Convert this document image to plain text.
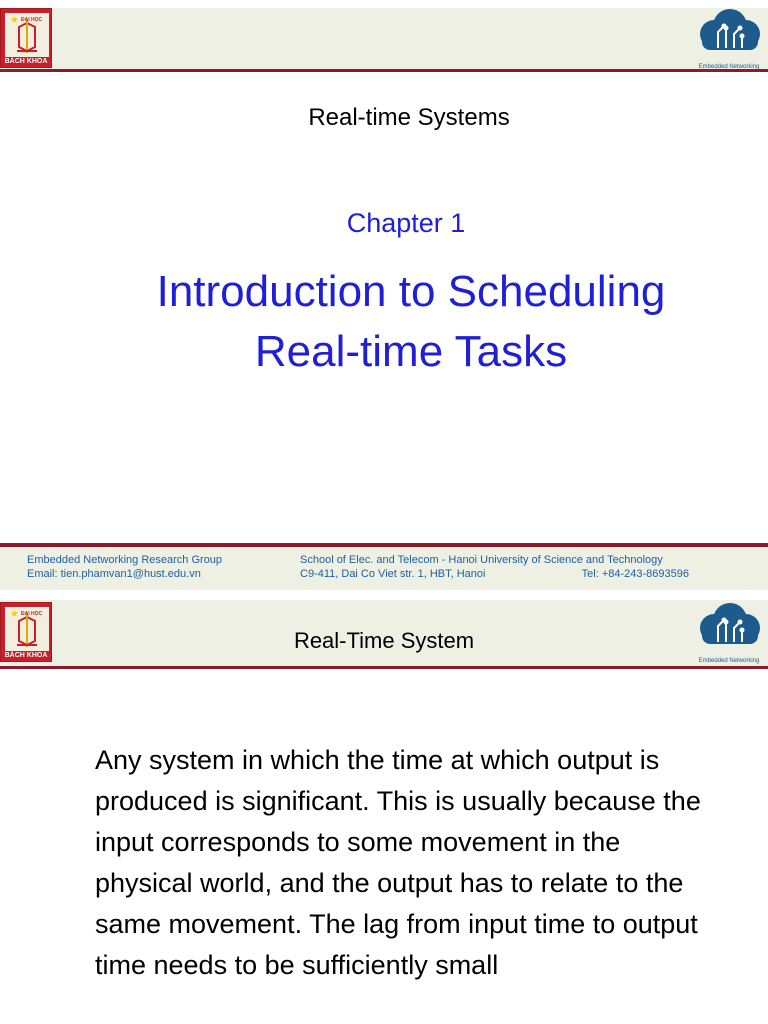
★ ĐẠI HỌC
BÁCH KHOA
Embedded Networking
Real-time Systems
Chapter 1
Introduction to Scheduling
Real-time Tasks
Embedded Networking Research Group
Email: tien.phamvan1@hust.edu.vn
School of Elec. and Telecom - Hanoi University of Science and Technology
C9-411, Dai Co Viet str. 1, HBT, Hanoi	Tel: +84-243-8693596
★ ĐẠI HỌC
BÁCH KHOA
Real-Time System
Embedded Networking
Any system in which the time at which output is produced is significant. This is usually because the input corresponds to some movement in the physical world, and the output has to relate to the same movement. The lag from input time to output time needs to be sufficiently small
